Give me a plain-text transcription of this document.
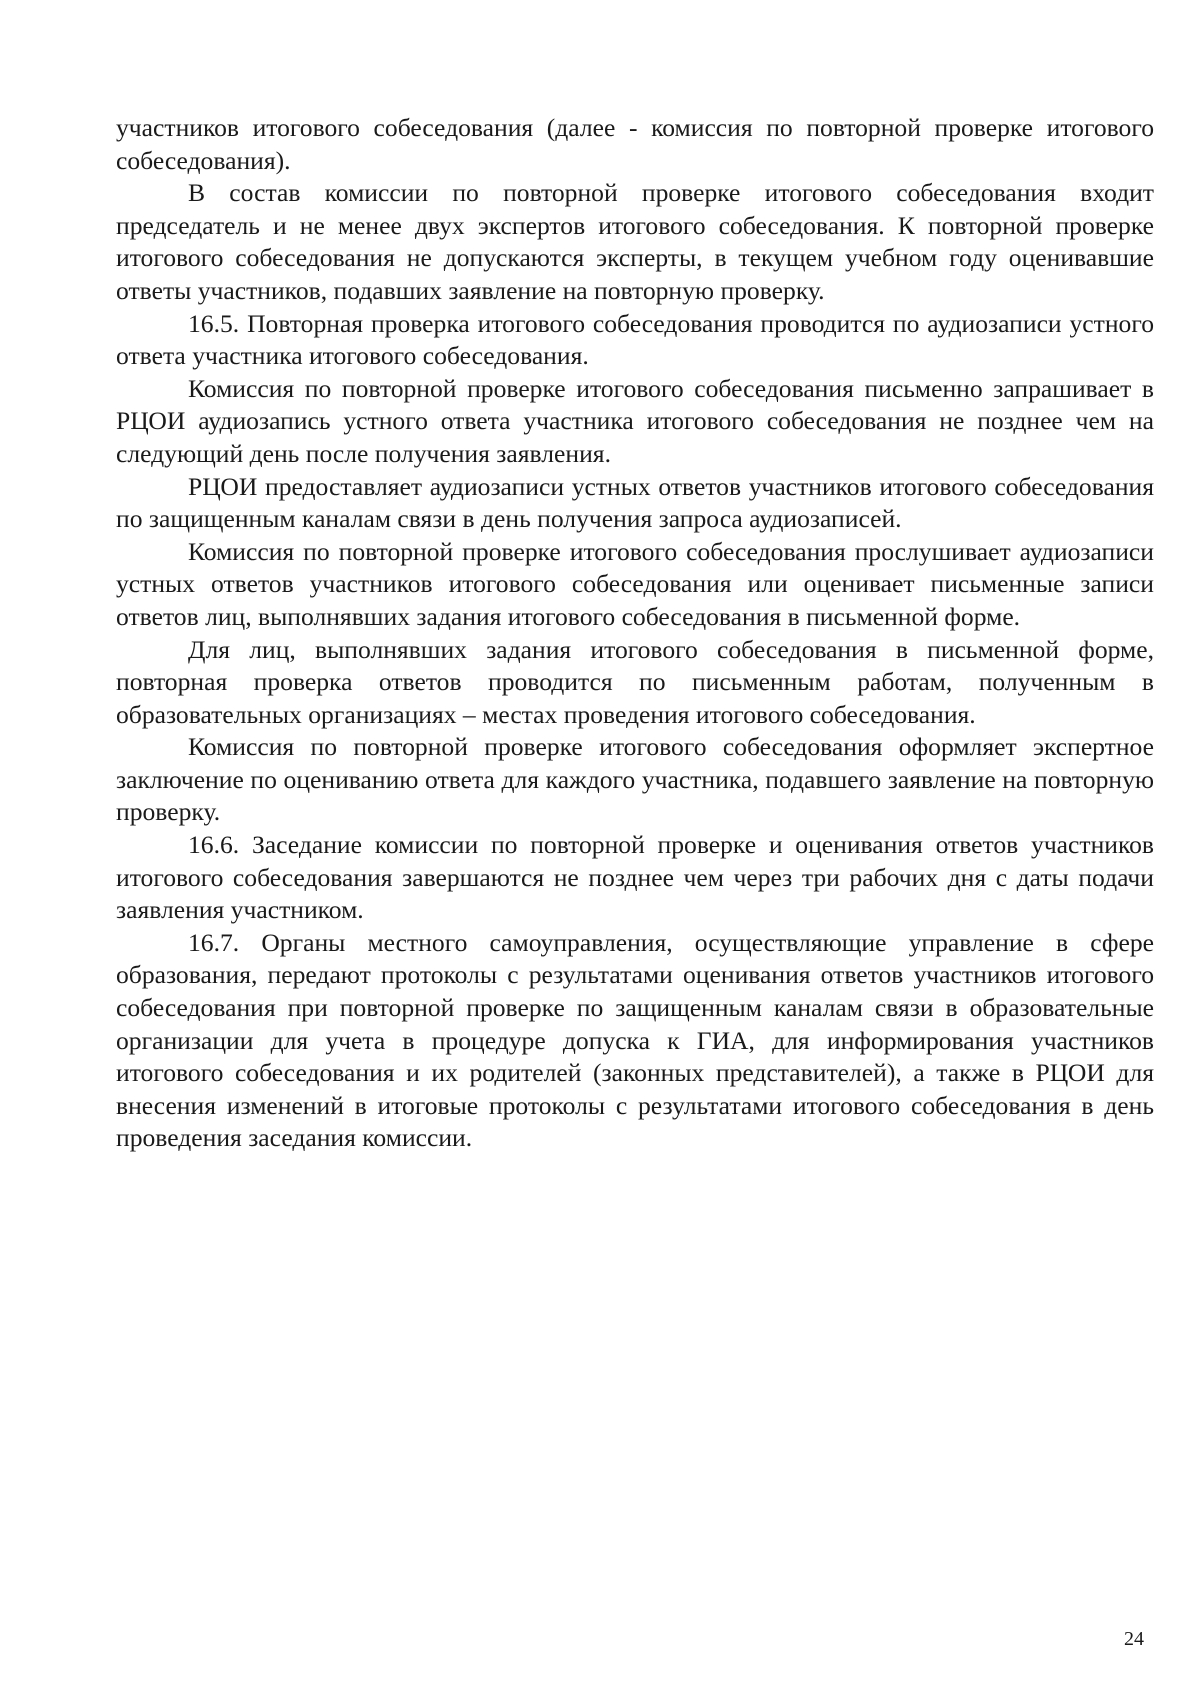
участников итогового собеседования (далее - комиссия по повторной проверке итогового собеседования).

В состав комиссии по повторной проверке итогового собеседования входит председатель и не менее двух экспертов итогового собеседования. К повторной проверке итогового собеседования не допускаются эксперты, в текущем учебном году оценивавшие ответы участников, подавших заявление на повторную проверку.

16.5. Повторная проверка итогового собеседования проводится по аудиозаписи устного ответа участника итогового собеседования.

Комиссия по повторной проверке итогового собеседования письменно запрашивает в РЦОИ аудиозапись устного ответа участника итогового собеседования не позднее чем на следующий день после получения заявления.

РЦОИ предоставляет аудиозаписи устных ответов участников итогового собеседования по защищенным каналам связи в день получения запроса аудиозаписей.

Комиссия по повторной проверке итогового собеседования прослушивает аудиозаписи устных ответов участников итогового собеседования или оценивает письменные записи ответов лиц, выполнявших задания итогового собеседования в письменной форме.

Для лиц, выполнявших задания итогового собеседования в письменной форме, повторная проверка ответов проводится по письменным работам, полученным в образовательных организациях – местах проведения итогового собеседования.

Комиссия по повторной проверке итогового собеседования оформляет экспертное заключение по оцениванию ответа для каждого участника, подавшего заявление на повторную проверку.

16.6. Заседание комиссии по повторной проверке и оценивания ответов участников итогового собеседования завершаются не позднее чем через три рабочих дня с даты подачи заявления участником.

16.7. Органы местного самоуправления, осуществляющие управление в сфере образования, передают протоколы с результатами оценивания ответов участников итогового собеседования при повторной проверке по защищенным каналам связи в образовательные организации для учета в процедуре допуска к ГИА, для информирования участников итогового собеседования и их родителей (законных представителей), а также в РЦОИ для внесения изменений в итоговые протоколы с результатами итогового собеседования в день проведения заседания комиссии.

24
